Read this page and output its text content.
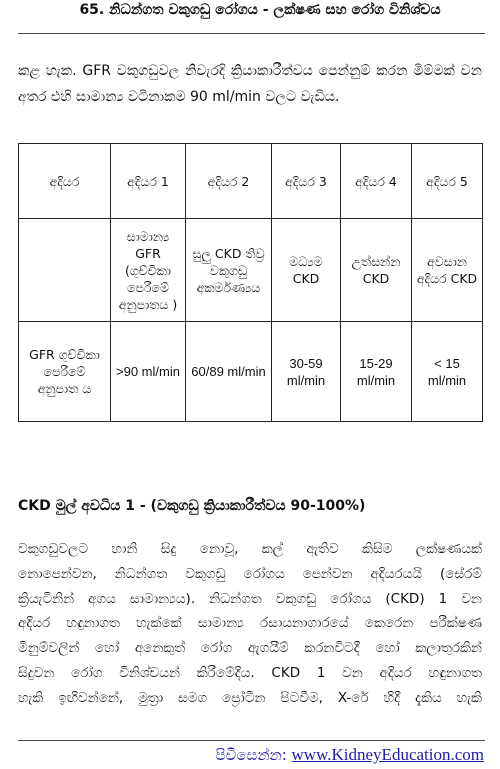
65. නිධන්ගත වකුගඩු රෝගය - ලක්ෂණ සහ රෝග විනිශ්චය

කළ හැක. GFR වකුගඩුවල නිවැරදි ක්‍රියාකාරීත්වය පෙන්නුම් කරන මිම්මක් වන අතර එහි සාමාන්‍ය වටිනාකම 90 ml/min වලට වැඩිය.

අදියර	අදියර 1	අදියර 2	අදියර 3	අදියර 4	අදියර 5
	සාමාන්‍ය GFR (ගුච්චිකා පෙරීමේ අනුපාතය )	සුලු CKD තිව්‍ර වකුගඩු අකර්මණ්‍යය	මධ්‍යම CKD	උත්සන්න CKD	අවසාන අදියර CKD
GFR ගුච්චිකා පෙරීමේ අනුපාත ය	>90 ml/min	60/89 ml/min	30-59 ml/min	15-29 ml/min	< 15 ml/min
CKD මුල් අවධිය 1 - (වකුගඩු ක්‍රියාකාරීත්වය 90-100%)
වකුගඩුවලට හානි සිදු නොවූ, කල් ඇතිව කිසිම ලක්ෂණයක්
නොපෙන්වන, නිධන්ගත වකුගඩු රෝගය පෙන්වන අදියරයයි (සේරම්
ක්‍රියැටිනින් අගය සාමාන්‍යය). නිධන්ගත වකුගඩු රෝගය (CKD) 1 වන
අදියර හඳුනාගත හැක්කේ සාමාන්‍ය රසායනාගාරයේ කෙරෙන පරීක්ෂණ
මිනුම්වලින් හෝ අනෙකුත් රෝග ඇගයීම් කරනවිටදී හෝ කලාතුරකින්
සිදුවන රෝග විනිශ්චයන් කිරීමේදිය. CKD 1 වන අදියර හඳුනාගත
හැකි ඉඟිවන්නේ, මුත්‍රා සමග ප්‍රෝටීන පිටවීම, X-රේ හිදී දැකිය හැකි
පිවිසෙන්න: www.KidneyEducation.com
